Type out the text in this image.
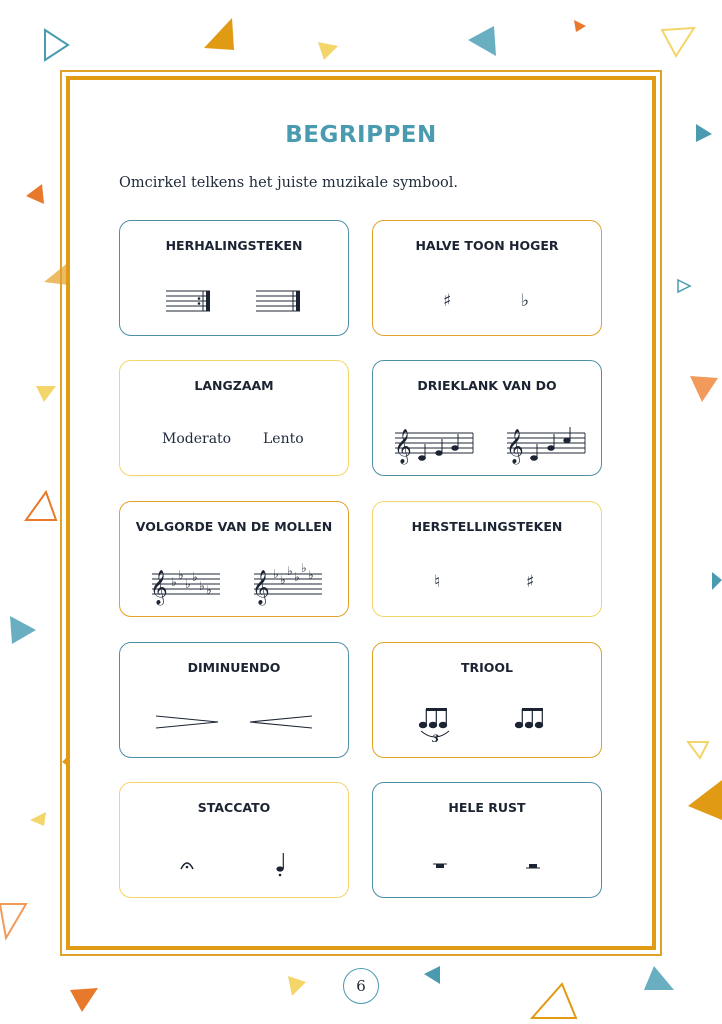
BEGRIPPEN
Omcirkel telkens het juiste muzikale symbool.
HERHALINGSTEKEN	HALVE TOON HOGER
♯	♭
LANGZAAM
Moderato Lento
DRIEKLANK VAN DO
𝄞	𝄞
VOLGORDE VAN DE MOLLEN
𝄞 ♭ ♭
♭ ♭
♭ ♭ 𝄞 ♭ ♭
♭ ♭
♭ ♭
HERSTELLINGSTEKEN
♮	♯
DIMINUENDO	TRIOOL
3
STACCATO	HELE RUST
6
